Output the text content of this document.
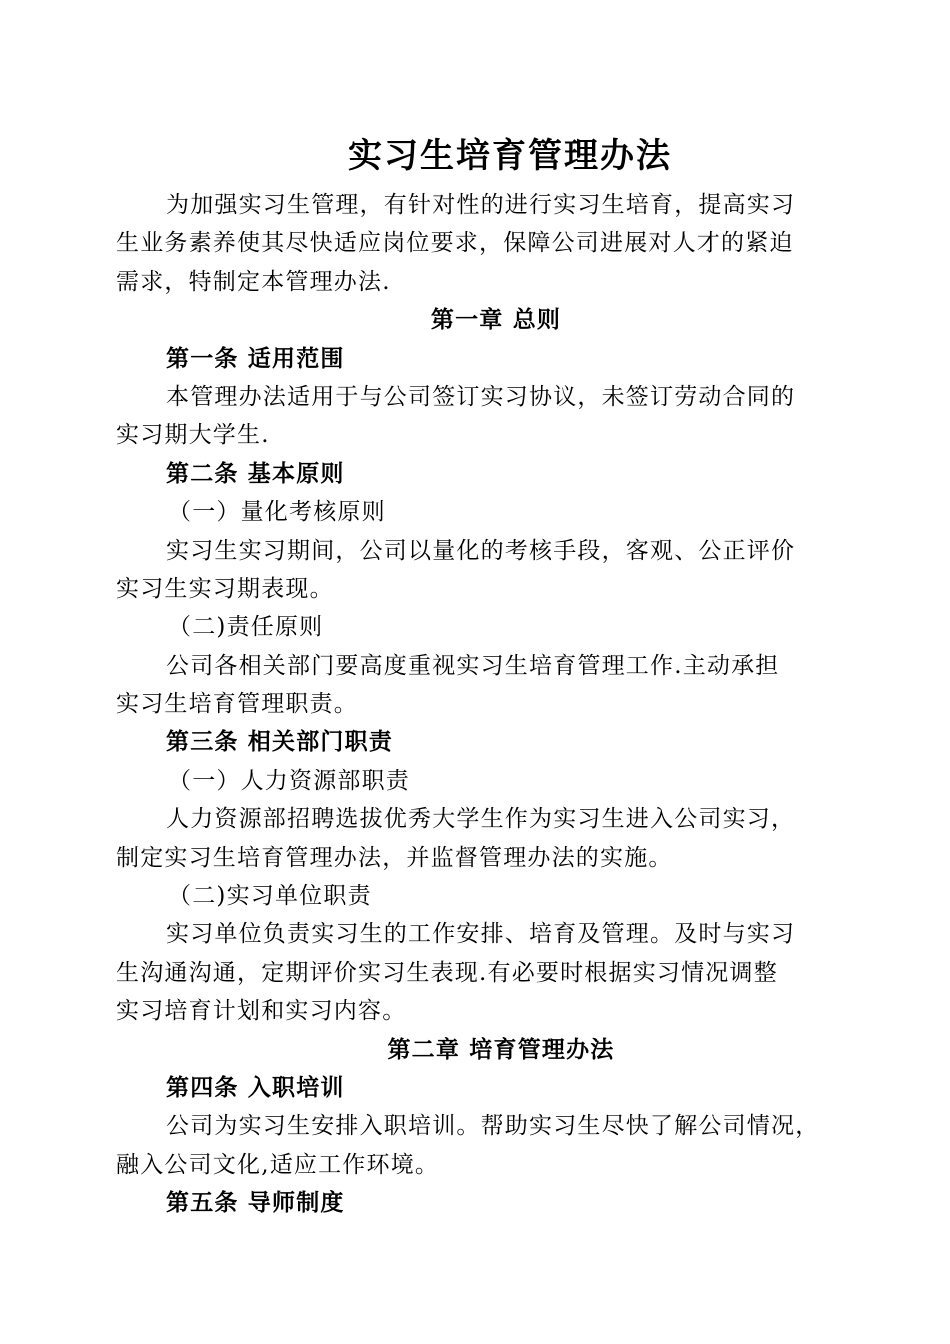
实习生培育管理办法
为加强实习生管理，有针对性的进行实习生培育，提高实习
生业务素养使其尽快适应岗位要求，保障公司进展对人才的紧迫
需求，特制定本管理办法.
第一章 总则
第一条 适用范围
本管理办法适用于与公司签订实习协议，未签订劳动合同的
实习期大学生.
第二条 基本原则
（一）量化考核原则
实习生实习期间，公司以量化的考核手段，客观、公正评价
实习生实习期表现。
（二)责任原则
公司各相关部门要高度重视实习生培育管理工作.主动承担
实习生培育管理职责。
第三条 相关部门职责
（一）人力资源部职责
人力资源部招聘选拔优秀大学生作为实习生进入公司实习，
制定实习生培育管理办法，并监督管理办法的实施。
（二)实习单位职责
实习单位负责实习生的工作安排、培育及管理。及时与实习
生沟通沟通，定期评价实习生表现.有必要时根据实习情况调整
实习培育计划和实习内容。
第二章 培育管理办法
第四条 入职培训
公司为实习生安排入职培训。帮助实习生尽快了解公司情况，
融入公司文化,适应工作环境。
第五条 导师制度
